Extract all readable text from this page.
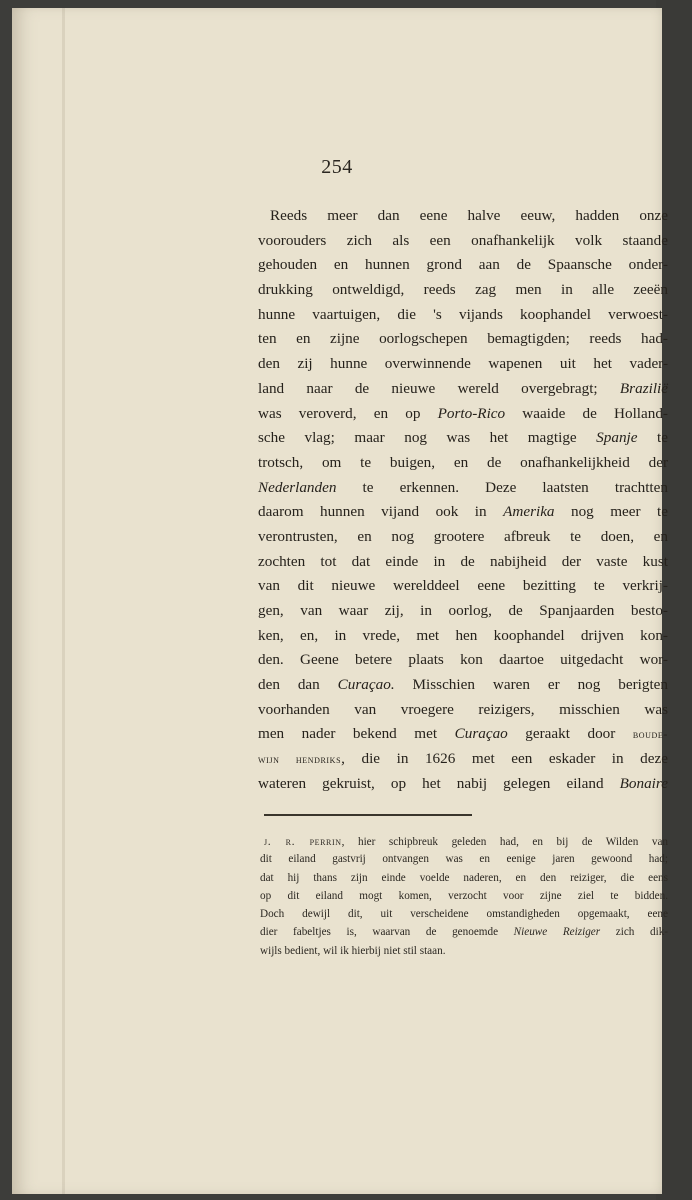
254
Reeds meer dan eene halve eeuw, hadden onze
voorouders zich als een onafhankelijk volk staande
gehouden en hunnen grond aan de Spaansche onder-
drukking ontweldigd, reeds zag men in alle zeeën
hunne vaartuigen, die 's vijands koophandel verwoest-
ten en zijne oorlogschepen bemagtigden; reeds had-
den zij hunne overwinnende wapenen uit het vader-
land naar de nieuwe wereld overgebragt; Brazilië
was veroverd, en op Porto-Rico waaide de Holland-
sche vlag; maar nog was het magtige Spanje te
trotsch, om te buigen, en de onafhankelijkheid der
Nederlanden te erkennen. Deze laatsten trachtten
daarom hunnen vijand ook in Amerika nog meer te
verontrusten, en nog grootere afbreuk te doen, en
zochten tot dat einde in de nabijheid der vaste kust
van dit nieuwe werelddeel eene bezitting te verkrij-
gen, van waar zij, in oorlog, de Spanjaarden besto-
ken, en, in vrede, met hen koophandel drijven kon-
den. Geene betere plaats kon daartoe uitgedacht wor-
den dan Curaçao. Misschien waren er nog berigten
voorhanden van vroegere reizigers, misschien was
men nader bekend met Curaçao geraakt door boude-
wijn hendriks, die in 1626 met een eskader in deze
wateren gekruist, op het nabij gelegen eiland Bonaire
j. r. perrin, hier schipbreuk geleden had, en bij de Wilden van
dit eiland gastvrij ontvangen was en eenige jaren gewoond had;
dat hij thans zijn einde voelde naderen, en den reiziger, die eens
op dit eiland mogt komen, verzocht voor zijne ziel te bidden.
Doch dewijl dit, uit verscheidene omstandigheden opgemaakt, eene
dier fabeltjes is, waarvan de genoemde Nieuwe Reiziger zich dik-
wijls bedient, wil ik hierbij niet stil staan.
